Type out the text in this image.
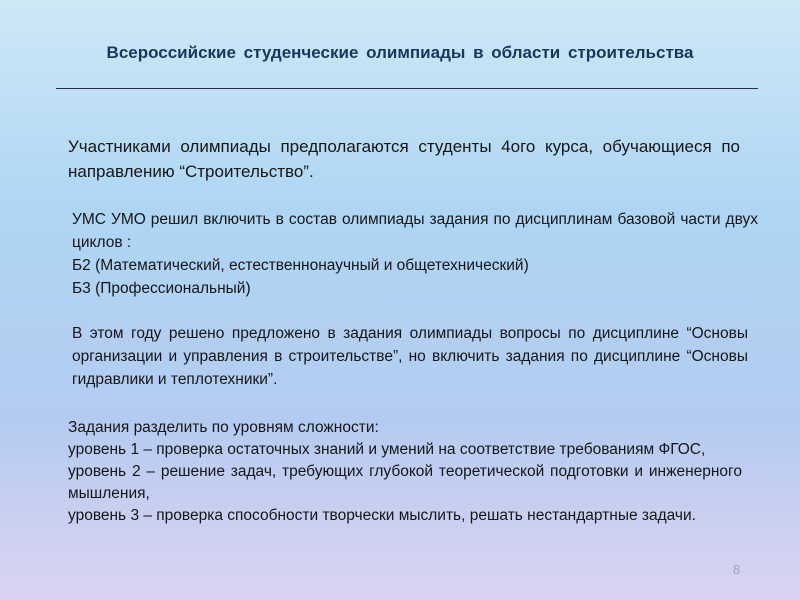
Всероссийские студенческие олимпиады в области строительства

Участниками олимпиады предполагаются студенты 4ого курса, обучающиеся по направлению “Строительство”.

УМС УМО решил включить в состав олимпиады задания по дисциплинам базовой части двух циклов :

Б2 (Математический, естественнонаучный и общетехнический)

Б3 (Профессиональный)

В этом году решено предложено в задания олимпиады вопросы по дисциплине “Основы организации и управления в строительстве”, но включить задания по дисциплине “Основы гидравлики и теплотехники”.

Задания разделить по уровням сложности:

уровень 1 – проверка остаточных знаний и умений на соответствие требованиям ФГОС,

уровень 2 – решение задач, требующих глубокой теоретической подготовки и инженерного мышления,

уровень 3 – проверка способности творчески мыслить, решать нестандартные задачи.

8
